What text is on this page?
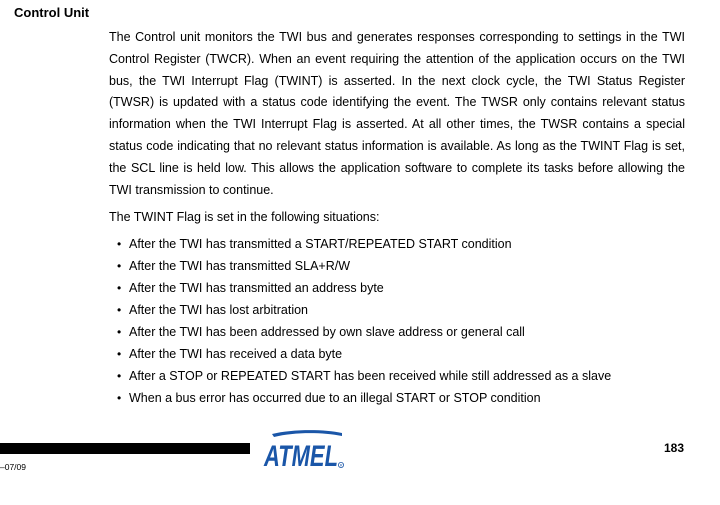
Control Unit

The Control unit monitors the TWI bus and generates responses corresponding to settings in the TWI Control Register (TWCR). When an event requiring the attention of the application occurs on the TWI bus, the TWI Interrupt Flag (TWINT) is asserted. In the next clock cycle, the TWI Status Register (TWSR) is updated with a status code identifying the event. The TWSR only contains relevant status information when the TWI Interrupt Flag is asserted. At all other times, the TWSR contains a special status code indicating that no relevant status information is available. As long as the TWINT Flag is set, the SCL line is held low. This allows the application software to complete its tasks before allowing the TWI transmission to continue.

The TWINT Flag is set in the following situations:

• After the TWI has transmitted a START/REPEATED START condition
• After the TWI has transmitted SLA+R/W
• After the TWI has transmitted an address byte
• After the TWI has lost arbitration
• After the TWI has been addressed by own slave address or general call
• After the TWI has received a data byte
• After a STOP or REPEATED START has been received while still addressed as a slave
• When a bus error has occurred due to an illegal START or STOP condition
ATMEL R
183
–07/09
